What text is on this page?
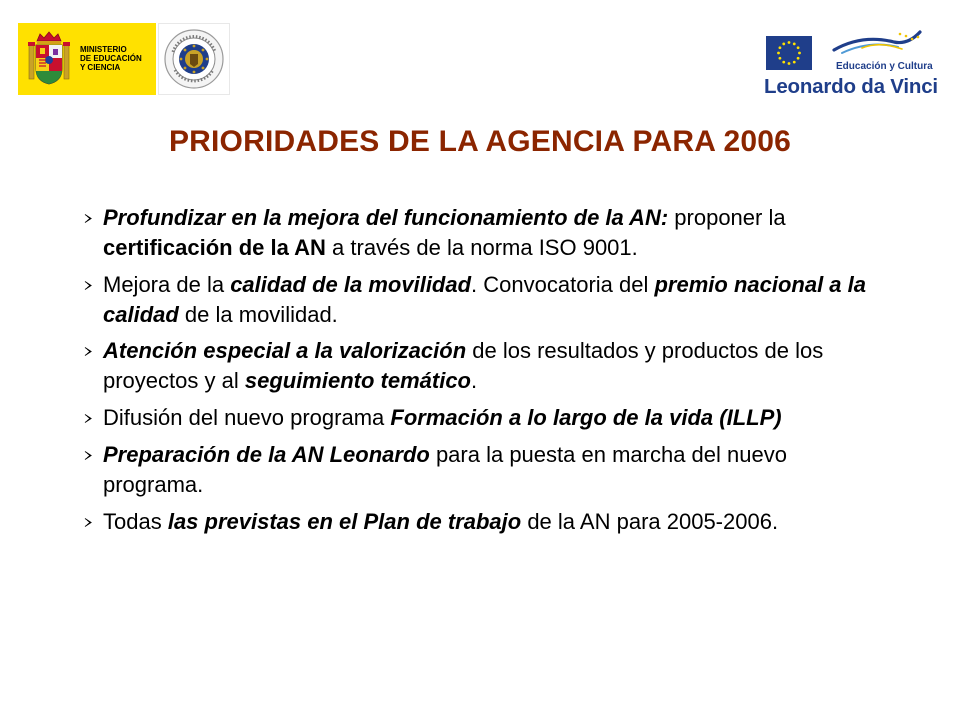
MINISTERIO
DE EDUCACIÓN
Y CIENCIA	Educación y Cultura
Leonardo da Vinci
PRIORIDADES DE LA AGENCIA PARA 2006
Profundizar en la mejora del funcionamiento de la AN: proponer la certificación de la AN a través de la norma ISO 9001.
Mejora de la calidad de la movilidad. Convocatoria del premio nacional a la calidad de la movilidad.
Atención especial a la valorización de los resultados y productos de los proyectos y al seguimiento temático.
Difusión del nuevo programa Formación a lo largo de la vida (ILLP)
Preparación de la AN Leonardo para la puesta en marcha del nuevo programa.
Todas las previstas en el Plan de trabajo de la AN para 2005-2006.
